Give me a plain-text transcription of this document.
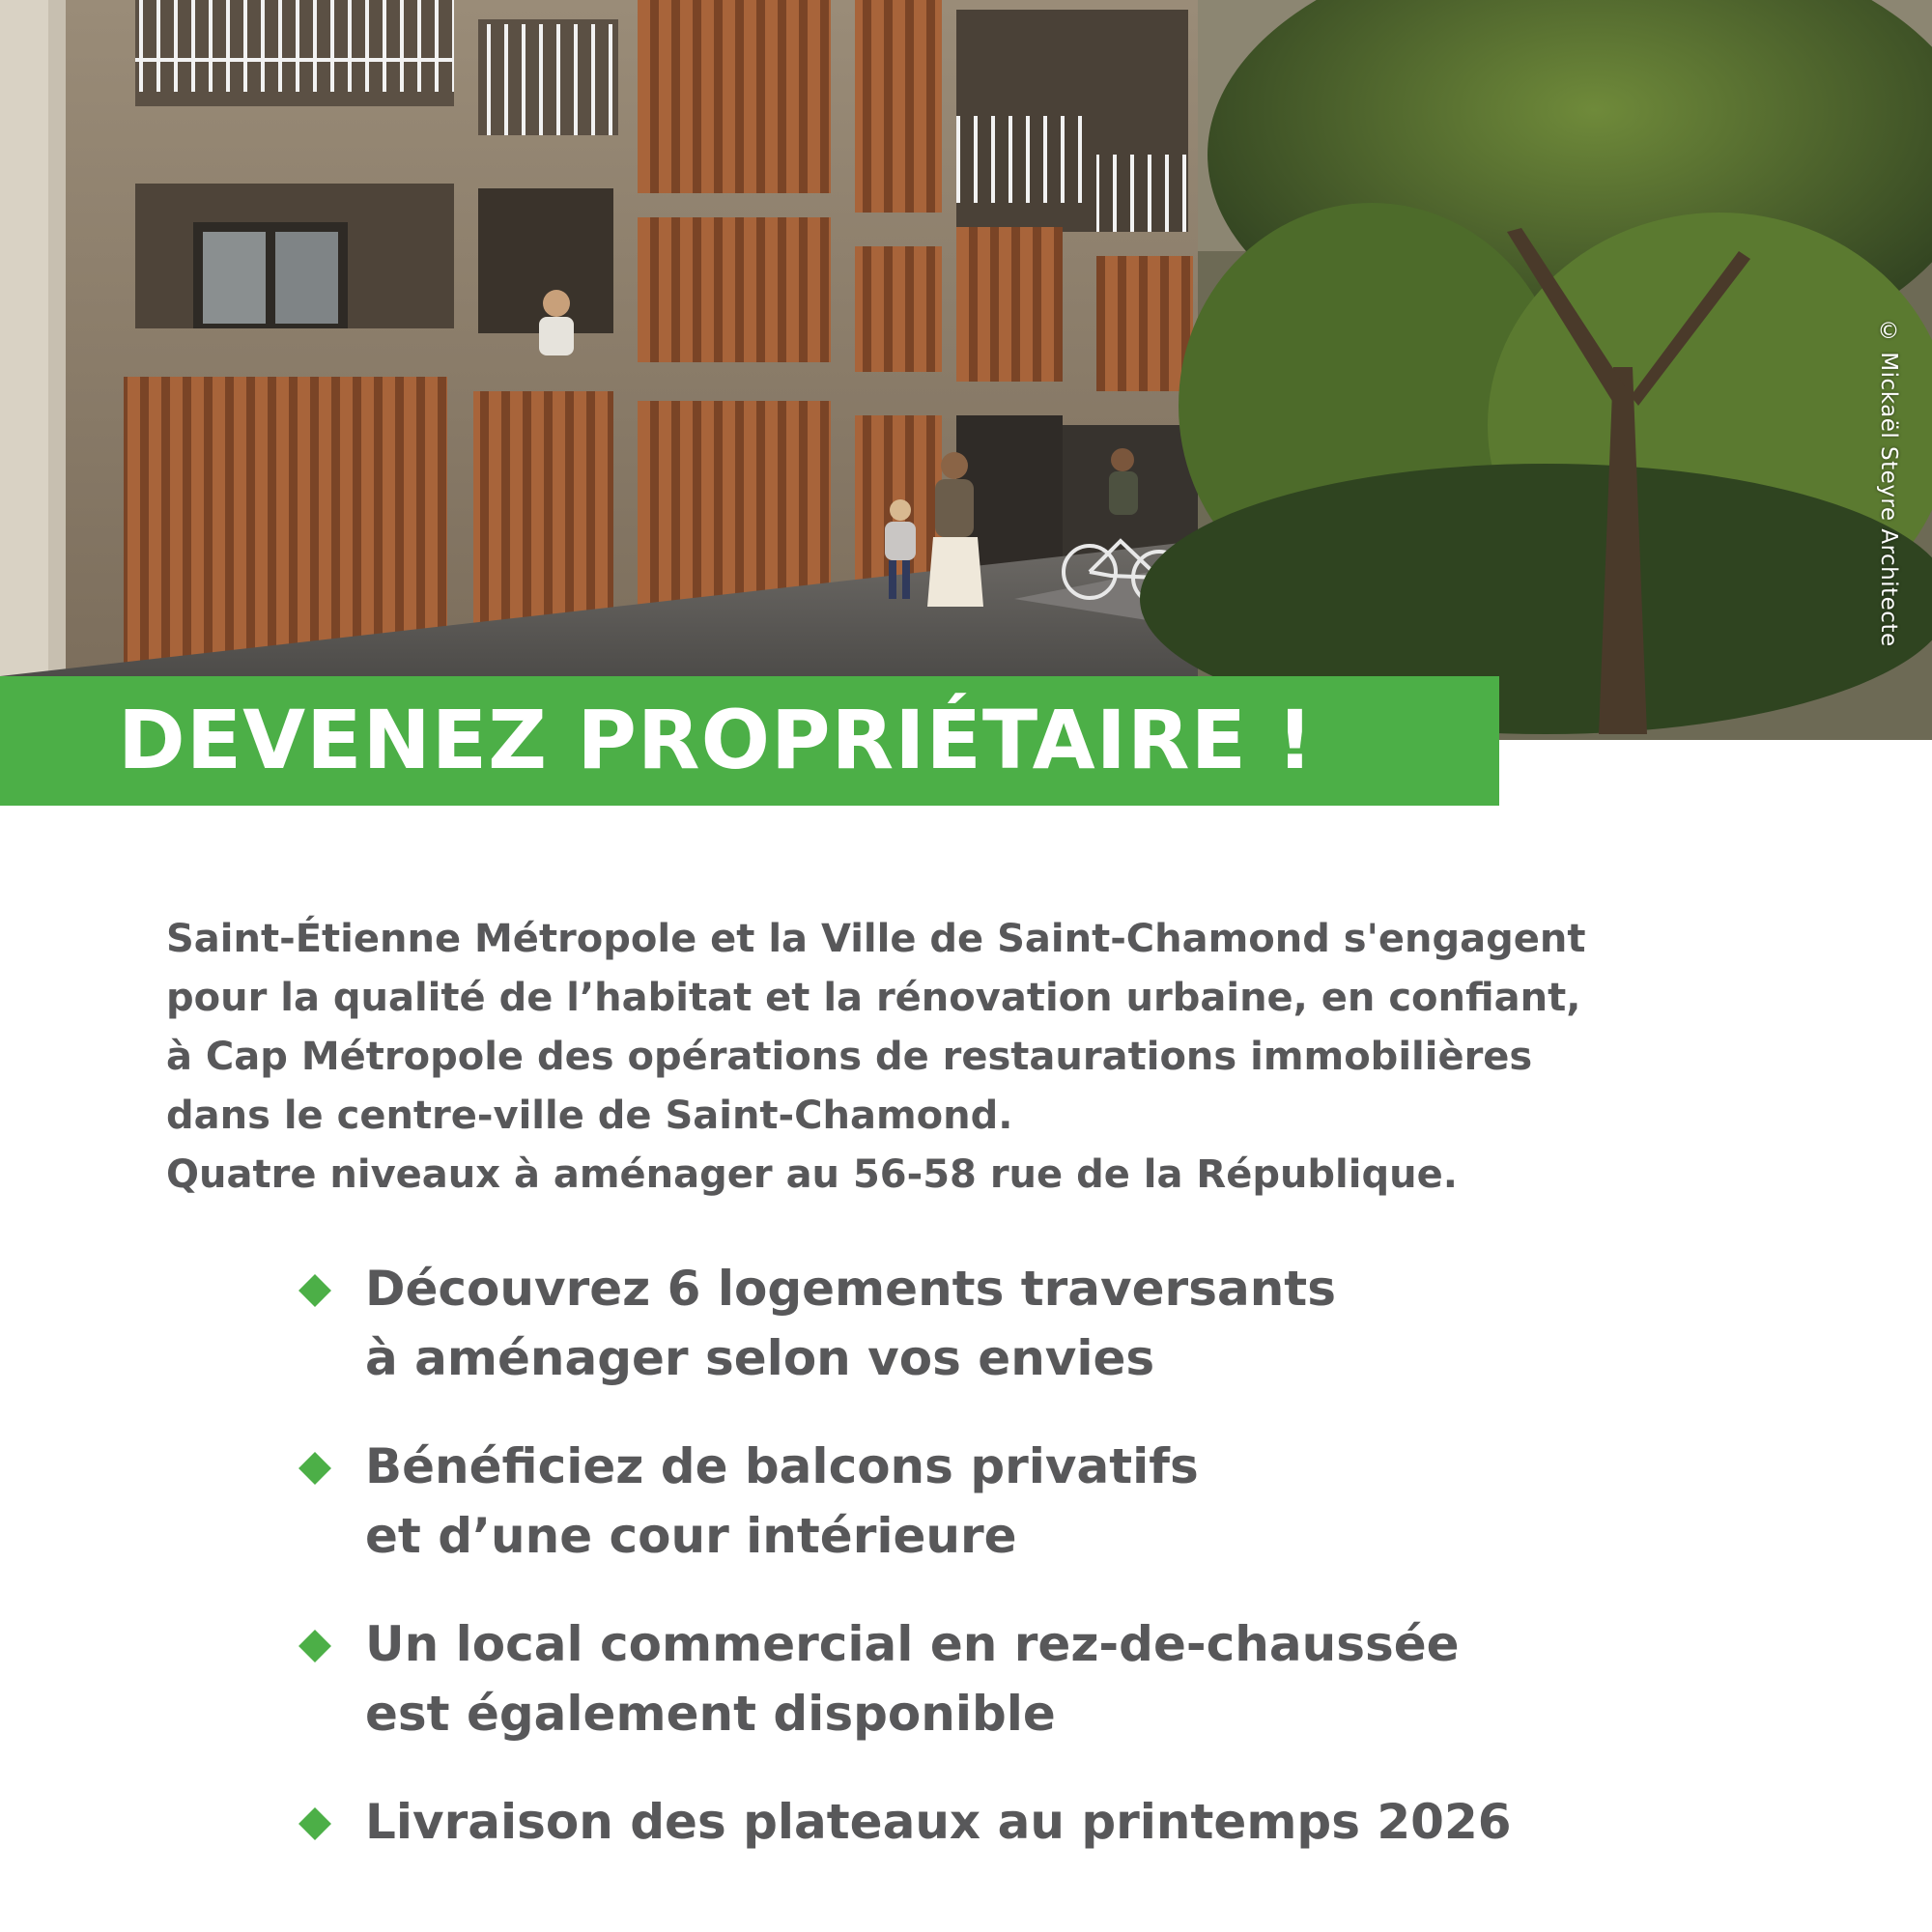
© Mickaël Steyre Architecte
DEVENEZ PROPRIÉTAIRE !
Saint-Étienne Métropole et la Ville de Saint-Chamond s'engagent
pour la qualité de l’habitat et la rénovation urbaine, en confiant,
à Cap Métropole des opérations de restaurations immobilières
dans le centre-ville de Saint-Chamond.
Quatre niveaux à aménager au 56-58 rue de la République.
Découvrez 6 logements traversants
à aménager selon vos envies
Bénéficiez de balcons privatifs
et d’une cour intérieure
Un local commercial en rez-de-chaussée
est également disponible
Livraison des plateaux au printemps 2026
